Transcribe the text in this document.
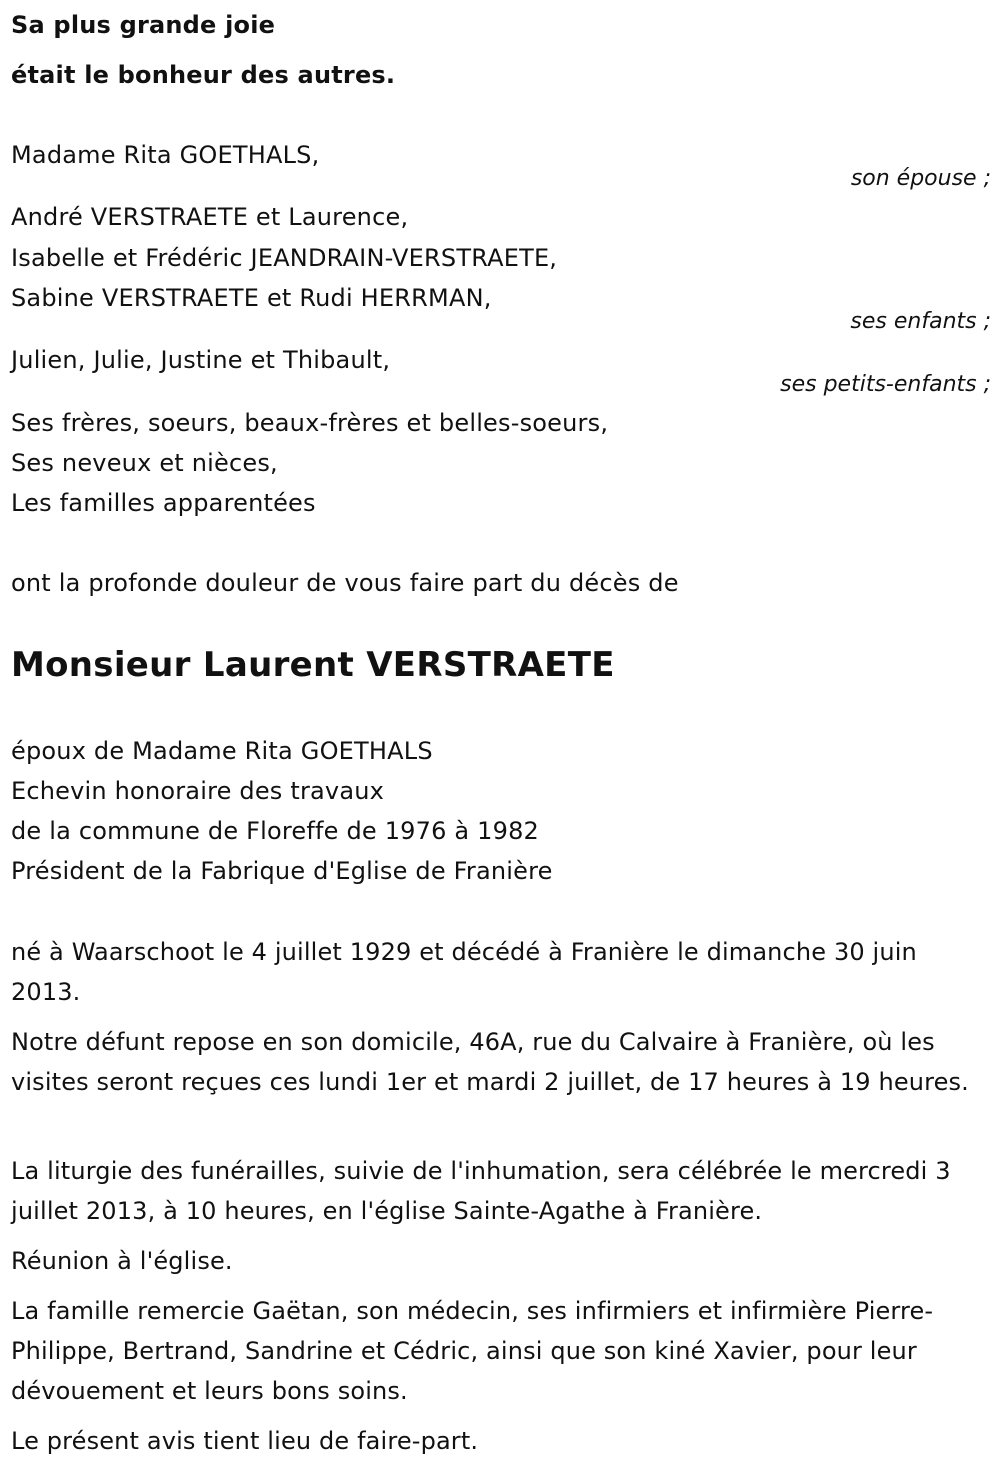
Sa plus grande joie
était le bonheur des autres.
Madame Rita GOETHALS,
son épouse ;
André VERSTRAETE et Laurence,
Isabelle et Frédéric JEANDRAIN-VERSTRAETE,
Sabine VERSTRAETE et Rudi HERRMAN,
ses enfants ;
Julien, Julie, Justine et Thibault,
ses petits-enfants ;
Ses frères, soeurs, beaux-frères et belles-soeurs,
Ses neveux et nièces,
Les familles apparentées
ont la profonde douleur de vous faire part du décès de
Monsieur Laurent VERSTRAETE
époux de Madame Rita GOETHALS
Echevin honoraire des travaux
de la commune de Floreffe de 1976 à 1982
Président de la Fabrique d'Eglise de Franière
né à Waarschoot le 4 juillet 1929 et décédé à Franière le dimanche 30 juin 2013.
Notre défunt repose en son domicile, 46A, rue du Calvaire à Franière, où les visites seront reçues ces lundi 1er et mardi 2 juillet, de 17 heures à 19 heures.
La liturgie des funérailles, suivie de l'inhumation, sera célébrée le mercredi 3 juillet 2013, à 10 heures, en l'église Sainte-Agathe à Franière.
Réunion à l'église.
La famille remercie Gaëtan, son médecin, ses infirmiers et infirmière Pierre-Philippe, Bertrand, Sandrine et Cédric, ainsi que son kiné Xavier, pour leur dévouement et leurs bons soins.
Le présent avis tient lieu de faire-part.
